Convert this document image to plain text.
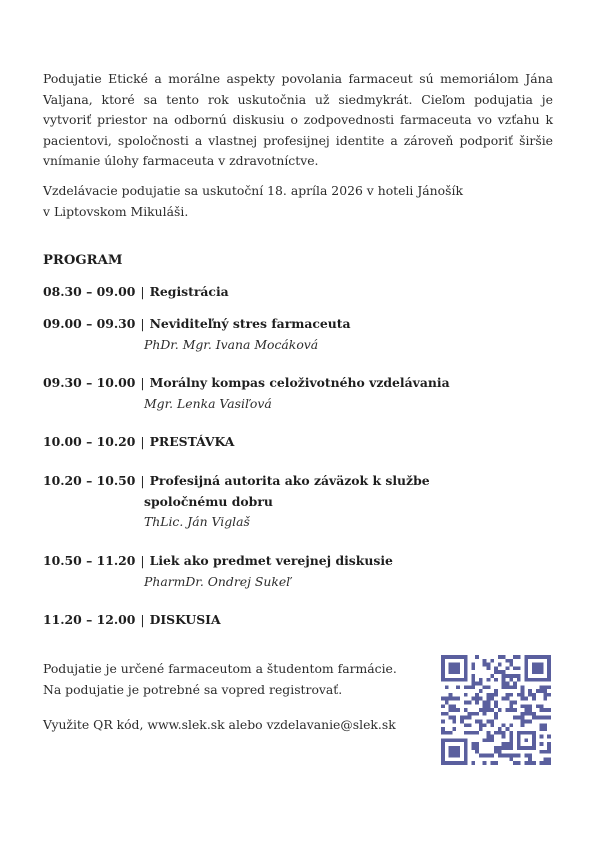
Podujatie Etické a morálne aspekty povolania farmaceut sú memoriálom Jána Valjana, ktoré sa tento rok uskutočnia už siedmykrát. Cieľom podujatia je vytvoriť priestor na odbornú diskusiu o zodpovednosti farmaceuta vo vzťahu k pacientovi, spoločnosti a vlastnej profesijnej identite a zároveň podporiť širšie vnímanie úlohy farmaceuta v zdravotníctve.

Vzdelávacie podujatie sa uskutoční 18. apríla 2026 v hoteli Jánošík
v Liptovskom Mikuláši.
PROGRAM
08.30 – 09.00 | Registrácia
09.00 – 09.30 | Neviditeľný stres farmaceuta
PhDr. Mgr. Ivana Mocáková
09.30 – 10.00 | Morálny kompas celoživotného vzdelávania
Mgr. Lenka Vasiľová
10.00 – 10.20 | PRESTÁVKA
10.20 – 10.50 | Profesijná autorita ako záväzok k službe
spoločnému dobru
ThLic. Ján Viglaš
10.50 – 11.20 | Liek ako predmet verejnej diskusie
PharmDr. Ondrej Sukeľ
11.20 – 12.00 | DISKUSIA
Podujatie je určené farmaceutom a študentom farmácie.
Na podujatie je potrebné sa vopred registrovať.
Využite QR kód, www.slek.sk alebo vzdelavanie@slek.sk
